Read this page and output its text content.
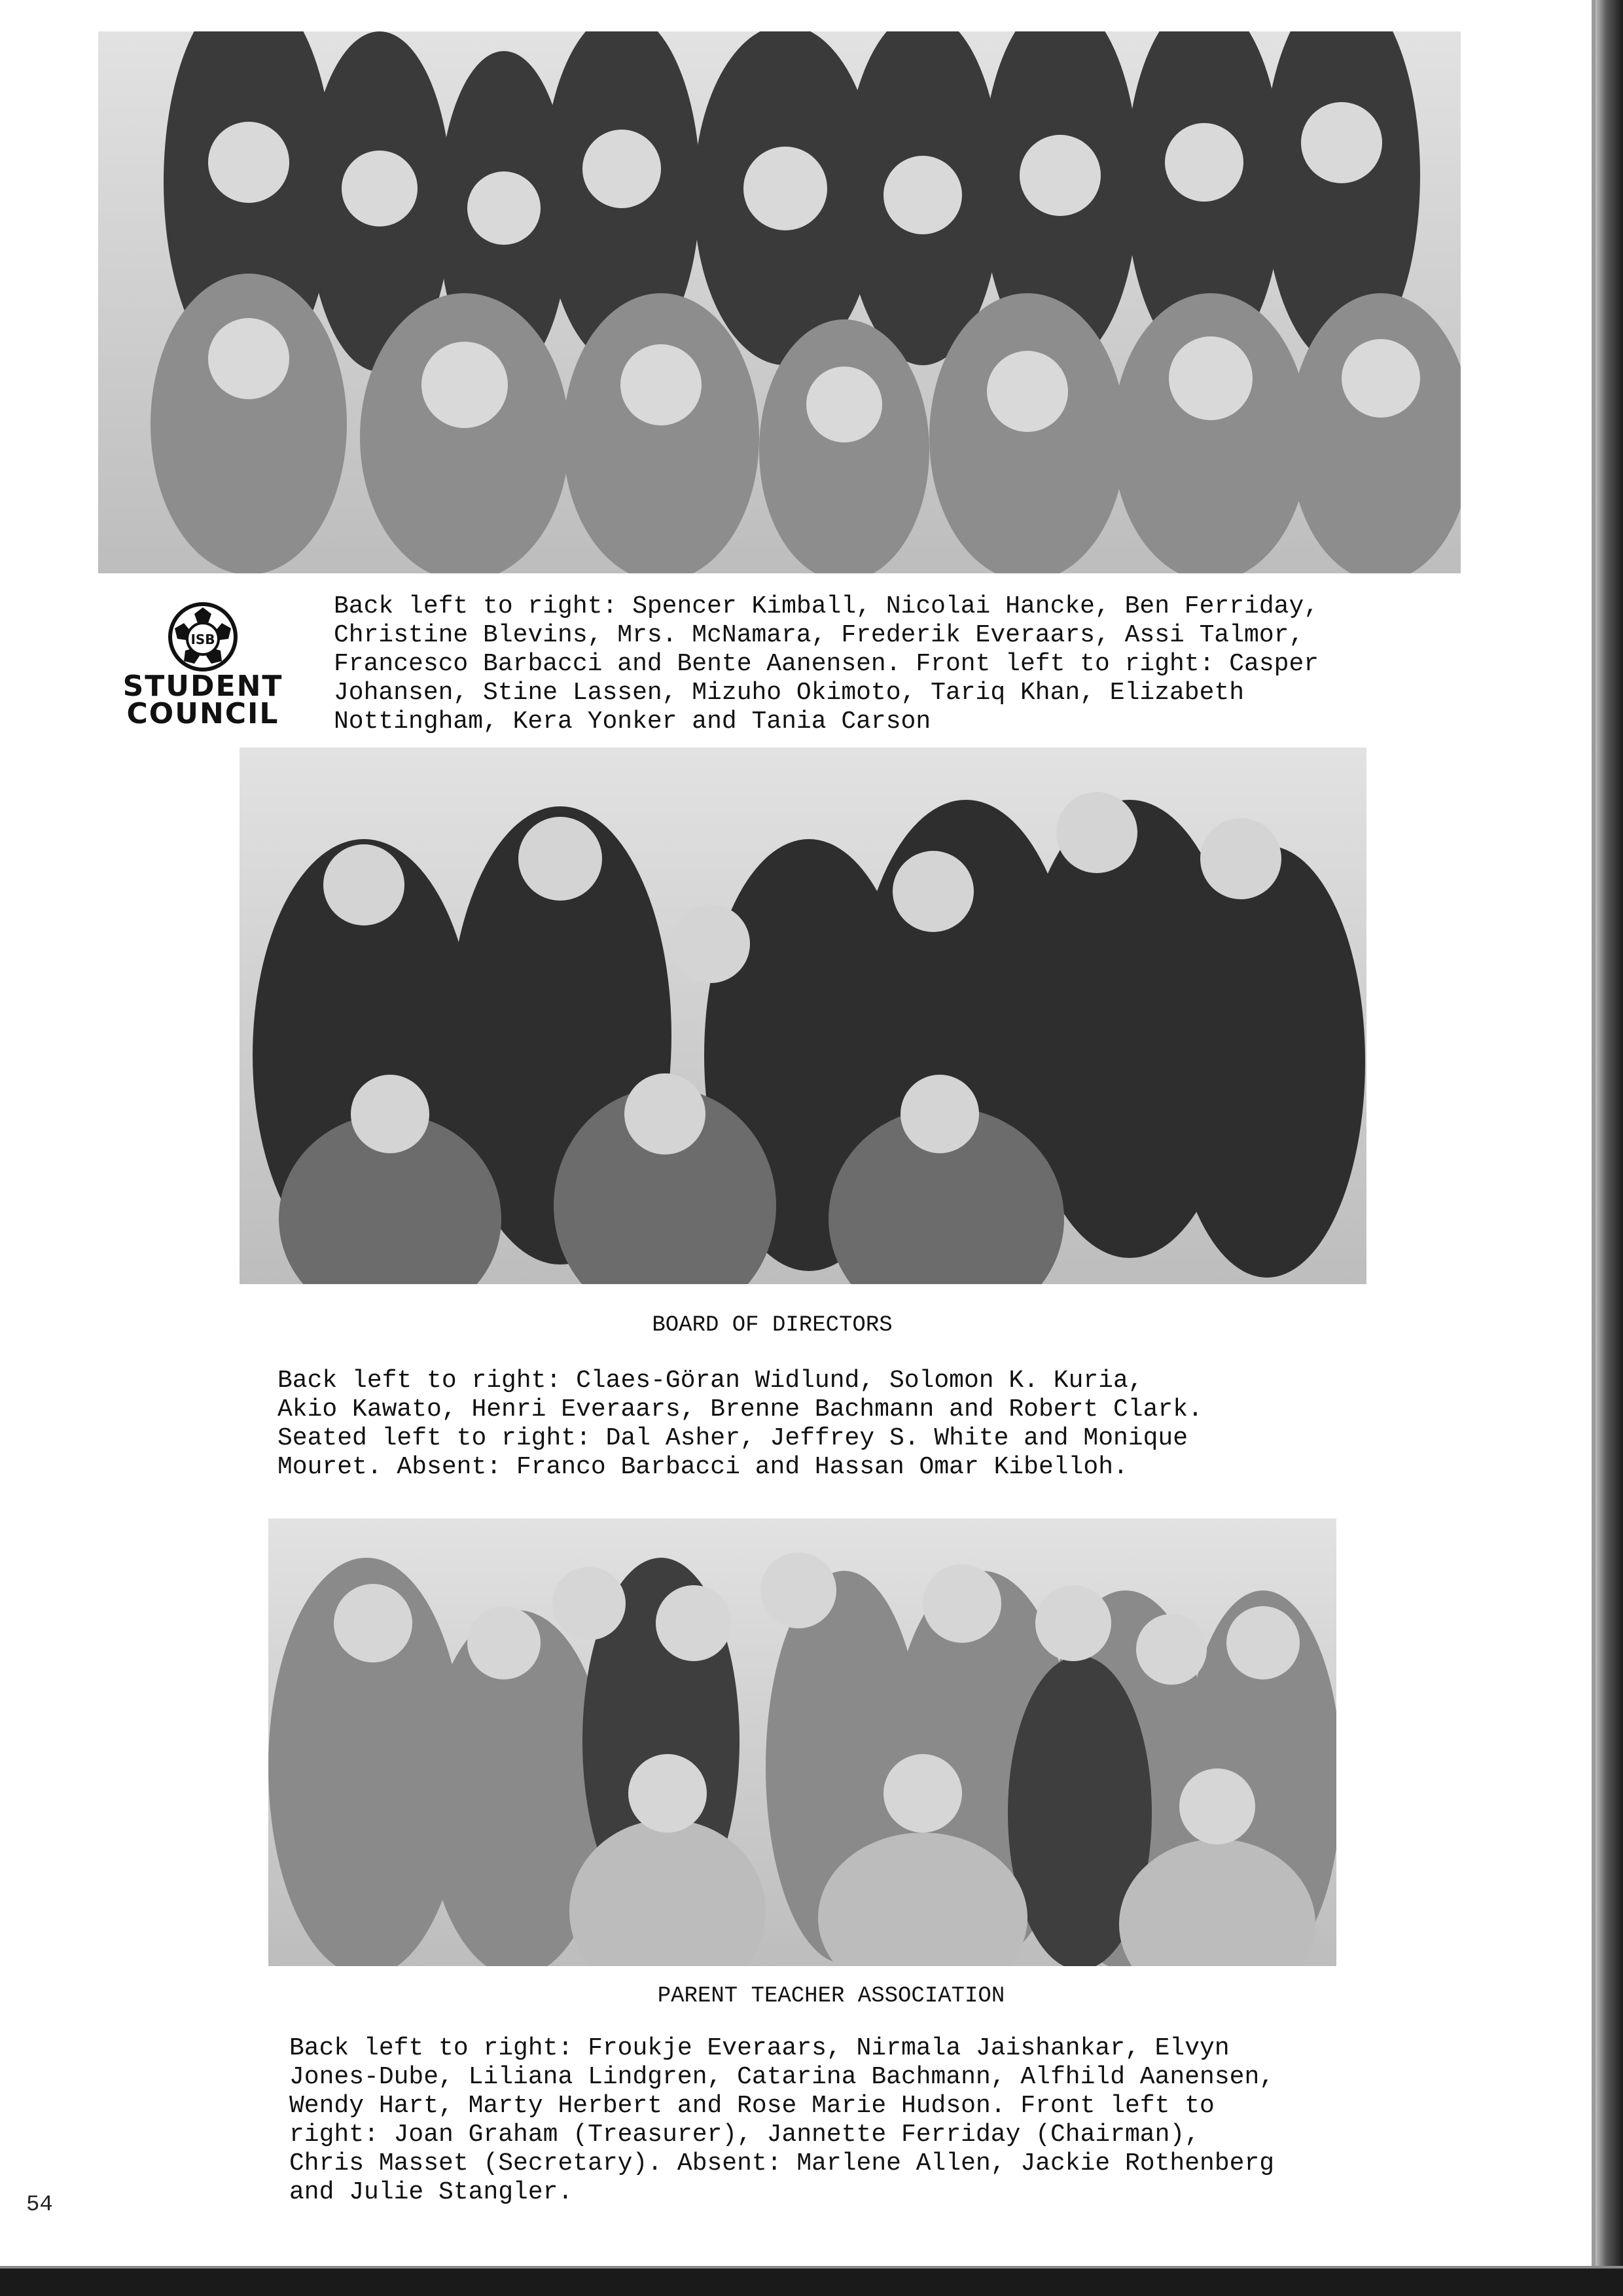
ISB
STUDENT
COUNCIL

Back left to right: Spencer Kimball, Nicolai Hancke, Ben Ferriday,
Christine Blevins, Mrs. McNamara, Frederik Everaars, Assi Talmor,
Francesco Barbacci and Bente Aanensen. Front left to right: Casper
Johansen, Stine Lassen, Mizuho Okimoto, Tariq Khan, Elizabeth
Nottingham, Kera Yonker and Tania Carson

BOARD OF DIRECTORS

Back left to right: Claes-Göran Widlund, Solomon K. Kuria,
Akio Kawato, Henri Everaars, Brenne Bachmann and Robert Clark.
Seated left to right: Dal Asher, Jeffrey S. White and Monique
Mouret. Absent: Franco Barbacci and Hassan Omar Kibelloh.

PARENT TEACHER ASSOCIATION

Back left to right: Froukje Everaars, Nirmala Jaishankar, Elvyn
Jones-Dube, Liliana Lindgren, Catarina Bachmann, Alfhild Aanensen,
Wendy Hart, Marty Herbert and Rose Marie Hudson. Front left to
right: Joan Graham (Treasurer), Jannette Ferriday (Chairman),
Chris Masset (Secretary). Absent: Marlene Allen, Jackie Rothenberg
and Julie Stangler.

54
